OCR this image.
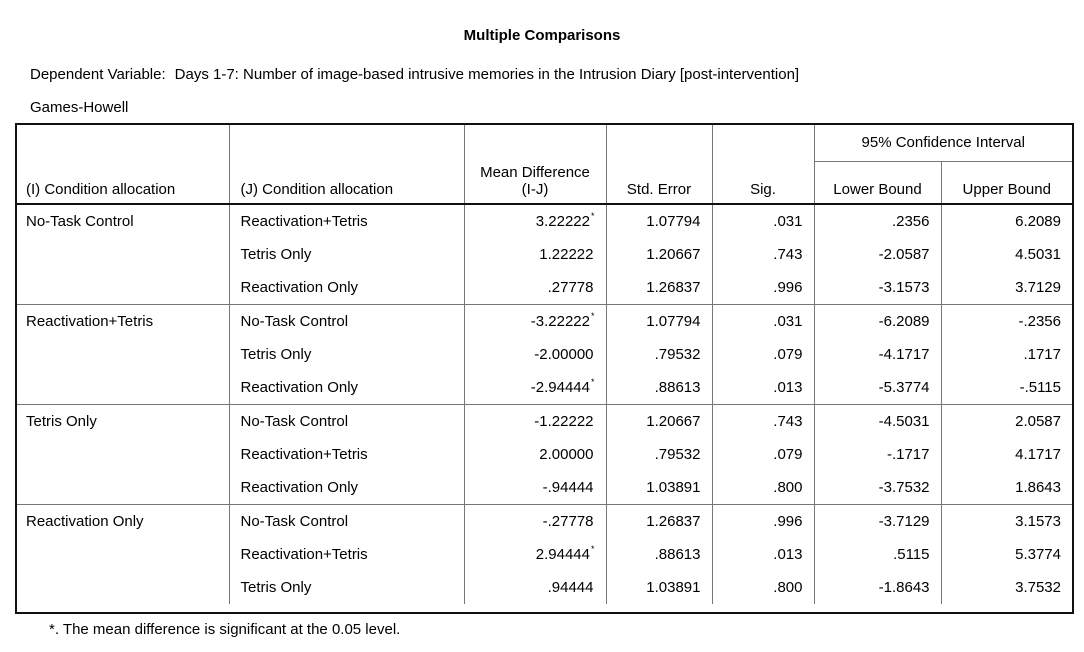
Multiple Comparisons
Dependent Variable: Days 1-7: Number of image-based intrusive memories in the Intrusion Diary [post-intervention]
Games-Howell
(I) Condition allocation	(J) Condition allocation	Mean Difference (I-J)	Std. Error	Sig.	95% Confidence Interval	
					Lower Bound	Upper Bound
No-Task Control	Reactivation+Tetris	3.22222*	1.07794	.031	.2356	6.2089
	Tetris Only	1.22222	1.20667	.743	-2.0587	4.5031
	Reactivation Only	.27778	1.26837	.996	-3.1573	3.7129
Reactivation+Tetris	No-Task Control	-3.22222*	1.07794	.031	-6.2089	-.2356
	Tetris Only	-2.00000	.79532	.079	-4.1717	.1717
	Reactivation Only	-2.94444*	.88613	.013	-5.3774	-.5115
Tetris Only	No-Task Control	-1.22222	1.20667	.743	-4.5031	2.0587
	Reactivation+Tetris	2.00000	.79532	.079	-.1717	4.1717
	Reactivation Only	-.94444	1.03891	.800	-3.7532	1.8643
Reactivation Only	No-Task Control	-.27778	1.26837	.996	-3.7129	3.1573
	Reactivation+Tetris	2.94444*	.88613	.013	.5115	5.3774
	Tetris Only	.94444	1.03891	.800	-1.8643	3.7532
*. The mean difference is significant at the 0.05 level.
